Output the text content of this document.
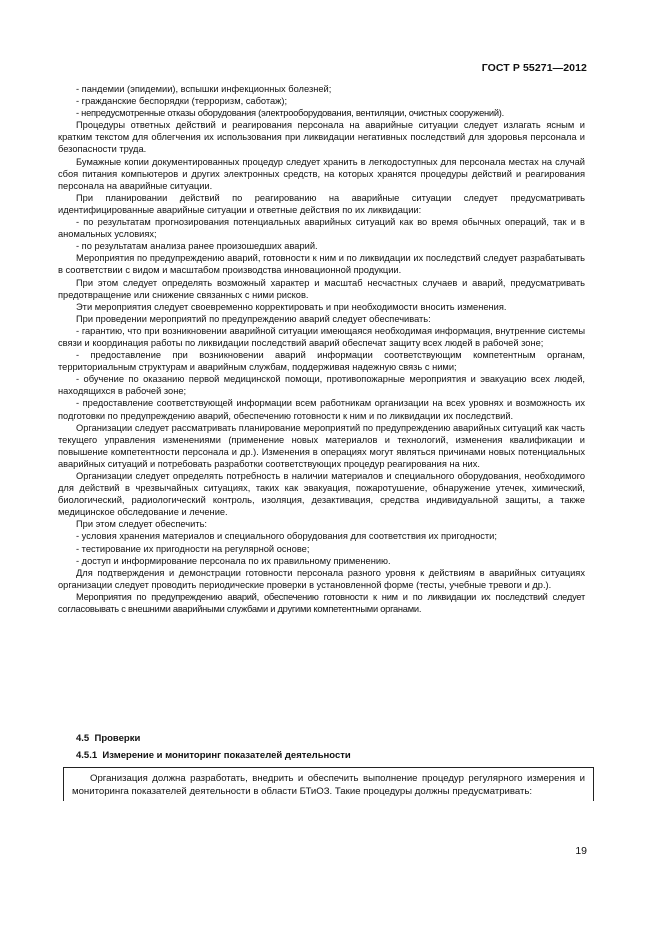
ГОСТ Р 55271—2012

- пандемии (эпидемии), вспышки инфекционных болезней;

- гражданские беспорядки (терроризм, саботаж);

- непредусмотренные отказы оборудования (электрооборудования, вентиляции, очистных сооружений).

Процедуры ответных действий и реагирования персонала на аварийные ситуации следует излагать ясным и кратким текстом для облегчения их использования при ликвидации негативных последствий для здоровья персонала и безопасности труда.

Бумажные копии документированных процедур следует хранить в легкодоступных для персонала местах на случай сбоя питания компьютеров и других электронных средств, на которых хранятся процедуры действий и реагирования персонала на аварийные ситуации.

При планировании действий по реагированию на аварийные ситуации следует предусматривать идентифицированные аварийные ситуации и ответные действия по их ликвидации:

- по результатам прогнозирования потенциальных аварийных ситуаций как во время обычных операций, так и в аномальных условиях;

- по результатам анализа ранее произошедших аварий.

Мероприятия по предупреждению аварий, готовности к ним и по ликвидации их последствий следует разрабатывать в соответствии с видом и масштабом производства инновационной продукции.

При этом следует определять возможный характер и масштаб несчастных случаев и аварий, предусматривать предотвращение или снижение связанных с ними рисков.

Эти мероприятия следует своевременно корректировать и при необходимости вносить изменения.

При проведении мероприятий по предупреждению аварий следует обеспечивать:

- гарантию, что при возникновении аварийной ситуации имеющаяся необходимая информация, внутренние системы связи и координация работы по ликвидации последствий аварий обеспечат защиту всех людей в рабочей зоне;

- предоставление при возникновении аварий информации соответствующим компетентным органам, территориальным структурам и аварийным службам, поддерживая надежную связь с ними;

- обучение по оказанию первой медицинской помощи, противопожарные мероприятия и эвакуацию всех людей, находящихся в рабочей зоне;

- предоставление соответствующей информации всем работникам организации на всех уровнях и возможность их подготовки по предупреждению аварий, обеспечению готовности к ним и по ликвидации их последствий.

Организации следует рассматривать планирование мероприятий по предупреждению аварийных ситуаций как часть текущего управления изменениями (применение новых материалов и технологий, изменения квалификации и повышение компетентности персонала и др.). Изменения в операциях могут являться причинами новых потенциальных аварийных ситуаций и потребовать разработки соответствующих процедур реагирования на них.

Организации следует определять потребность в наличии материалов и специального оборудования, необходимого для действий в чрезвычайных ситуациях, таких как эвакуация, пожаротушение, обнаружение утечек, химический, биологический, радиологический контроль, изоляция, дезактивация, средства индивидуальной защиты, а также медицинское обследование и лечение.

При этом следует обеспечить:

- условия хранения материалов и специального оборудования для соответствия их пригодности;

- тестирование их пригодности на регулярной основе;

- доступ и информирование персонала по их правильному применению.

Для подтверждения и демонстрации готовности персонала разного уровня к действиям в аварийных ситуациях организации следует проводить периодические проверки в установленной форме (тесты, учебные тревоги и др.).

Мероприятия по предупреждению аварий, обеспечению готовности к ним и по ликвидации их последствий следует согласовывать с внешними аварийными службами и другими компетентными органами.

4.5 Проверки
4.5.1 Измерение и мониторинг показателей деятельности

Организация должна разработать, внедрить и обеспечить выполнение процедур регулярного измерения и мониторинга показателей деятельности в области БТиОЗ. Такие процедуры должны предусматривать:

19
